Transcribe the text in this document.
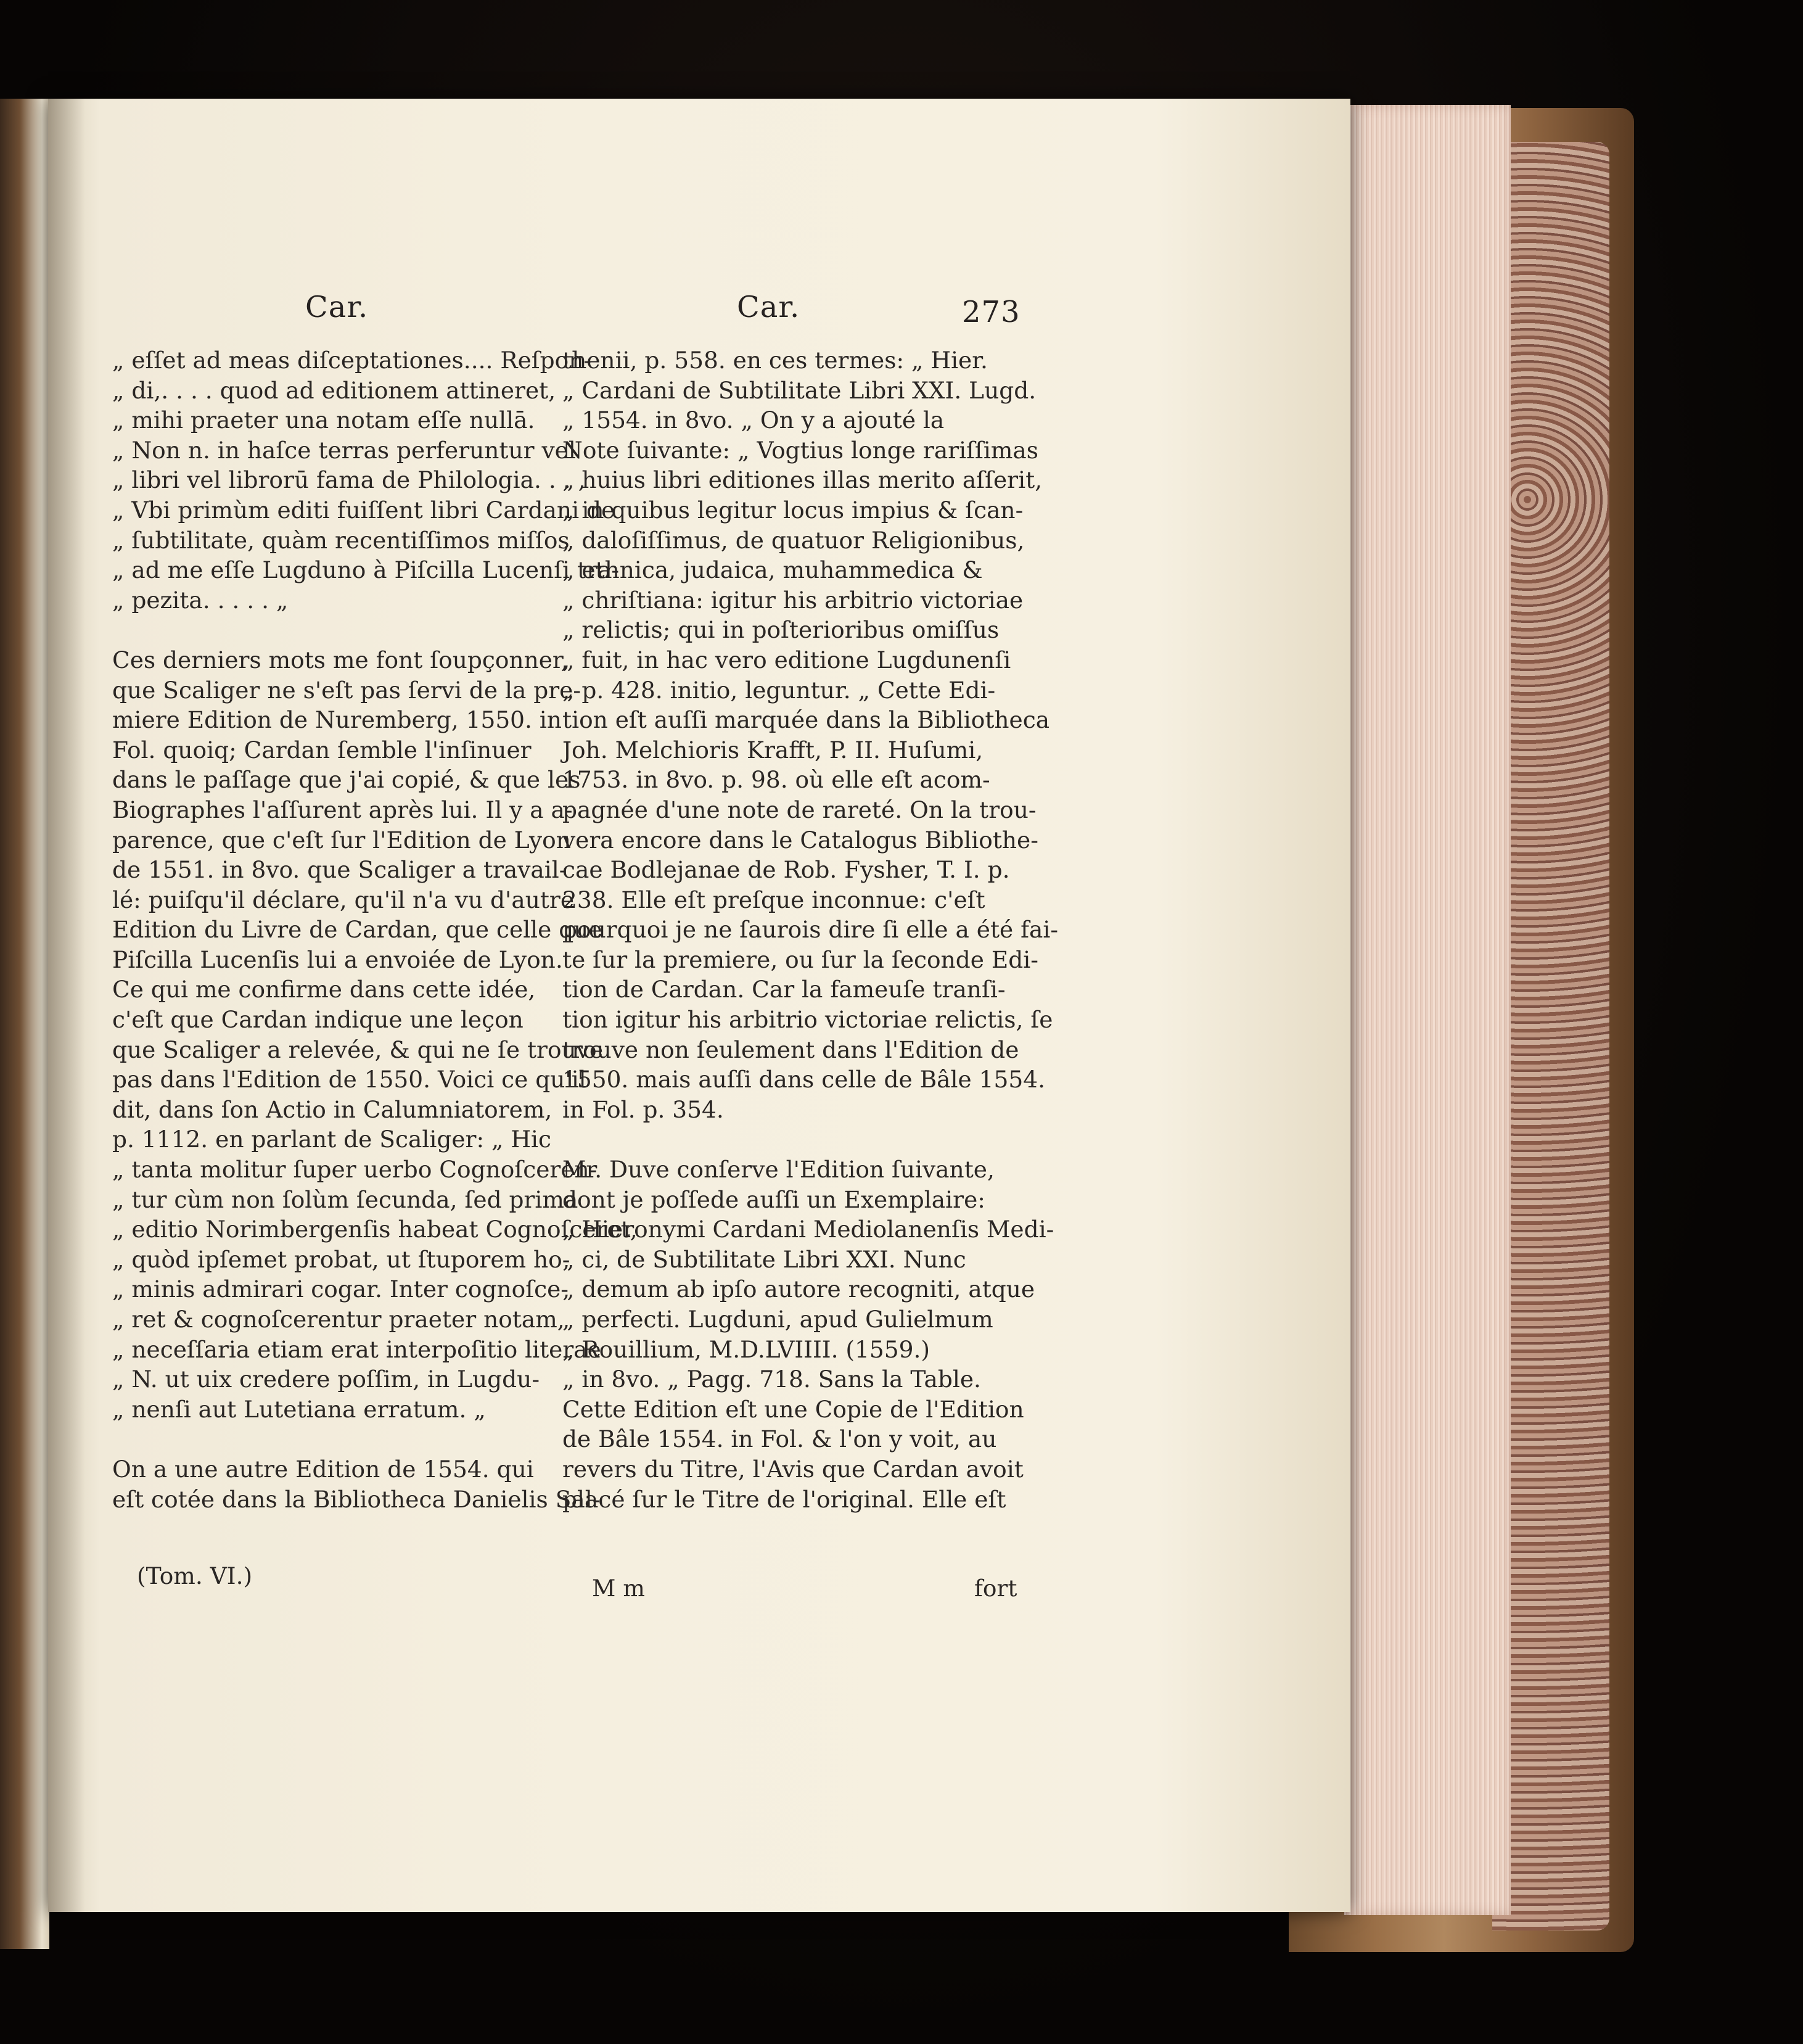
Car.	Car.	273
„ eſſet ad meas diſceptationes.... Reſpon-
„ di,. . . . quod ad editionem attineret,
„ mihi praeter una notam eſſe nullā.
„ Non n. in haſce terras perferuntur vel
„ libri vel librorū fama de Philologia. . . ,
„ Vbi primùm editi fuiſſent libri Cardani de
„ ſubtilitate, quàm recentiſſimos miſſos
„ ad me eſſe Lugduno à Piſcilla Lucenſi tra-
„ pezita. . . . . „
Ces derniers mots me font ſoupçonner,
que Scaliger ne s'eſt pas ſervi de la pre-
miere Edition de Nuremberg, 1550. in
Fol. quoiq; Cardan ſemble l'inſinuer
dans le paſſage que j'ai copié, & que les
Biographes l'aſſurent après lui. Il y a a-
parence, que c'eſt ſur l'Edition de Lyon
de 1551. in 8vo. que Scaliger a travail-
lé: puiſqu'il déclare, qu'il n'a vu d'autre
Edition du Livre de Cardan, que celle que
Piſcilla Lucenſis lui a envoiée de Lyon.
Ce qui me confirme dans cette idée,
c'eſt que Cardan indique une leçon
que Scaliger a relevée, & qui ne ſe trouve
pas dans l'Edition de 1550. Voici ce qu'il
dit, dans ſon Actio in Calumniatorem,
p. 1112. en parlant de Scaliger: „ Hic
„ tanta molitur ſuper uerbo Cognoſceren-
„ tur cùm non ſolùm ſecunda, ſed prima
„ editio Norimbergenſis habeat Cognoſceret,
„ quòd ipſemet probat, ut ſtuporem ho-
„ minis admirari cogar. Inter cognoſce-
„ ret & cognoſcerentur praeter notam,
„ neceſſaria etiam erat interpoſitio literae
„ N. ut uix credere poſſim, in Lugdu-
„ nenſi aut Lutetiana erratum. „
On a une autre Edition de 1554. qui
eſt cotée dans la Bibliotheca Danielis Sal-
thenii, p. 558. en ces termes: „ Hier.
„ Cardani de Subtilitate Libri XXI. Lugd.
„ 1554. in 8vo. „ On y a ajouté la
Note ſuivante: „ Vogtius longe rariſſimas
„ huius libri editiones illas merito aſſerit,
„ in quibus legitur locus impius & ſcan-
„ daloſiſſimus, de quatuor Religionibus,
„ ethnica, judaica, muhammedica &
„ chriſtiana: igitur his arbitrio victoriae
„ relictis; qui in poſterioribus omiſſus
„ fuit, in hac vero editione Lugdunenſi
„ p. 428. initio, leguntur. „ Cette Edi-
tion eſt auſſi marquée dans la Bibliotheca
Joh. Melchioris Krafft, P. II. Huſumi,
1753. in 8vo. p. 98. où elle eſt acom-
pagnée d'une note de rareté. On la trou-
vera encore dans le Catalogus Bibliothe-
cae Bodlejanae de Rob. Fysher, T. I. p.
238. Elle eſt preſque inconnue: c'eſt
pourquoi je ne ſaurois dire ſi elle a été fai-
te ſur la premiere, ou ſur la ſeconde Edi-
tion de Cardan. Car la fameuſe tranſi-
tion igitur his arbitrio victoriae relictis, ſe
trouve non ſeulement dans l'Edition de
1550. mais auſſi dans celle de Bâle 1554.
in Fol. p. 354.
Mr. Duve conſerve l'Edition ſuivante,
dont je poſſede auſſi un Exemplaire:
„ Hieronymi Cardani Mediolanenſis Medi-
„ ci, de Subtilitate Libri XXI. Nunc
„ demum ab ipſo autore recogniti, atque
„ perfecti. Lugduni, apud Gulielmum
„ Rouillium, M.D.LVIIII. (1559.)
„ in 8vo. „ Pagg. 718. Sans la Table.
Cette Edition eſt une Copie de l'Edition
de Bâle 1554. in Fol. & l'on y voit, au
revers du Titre, l'Avis que Cardan avoit
placé ſur le Titre de l'original. Elle eſt
(Tom. VI.)	M m	fort
